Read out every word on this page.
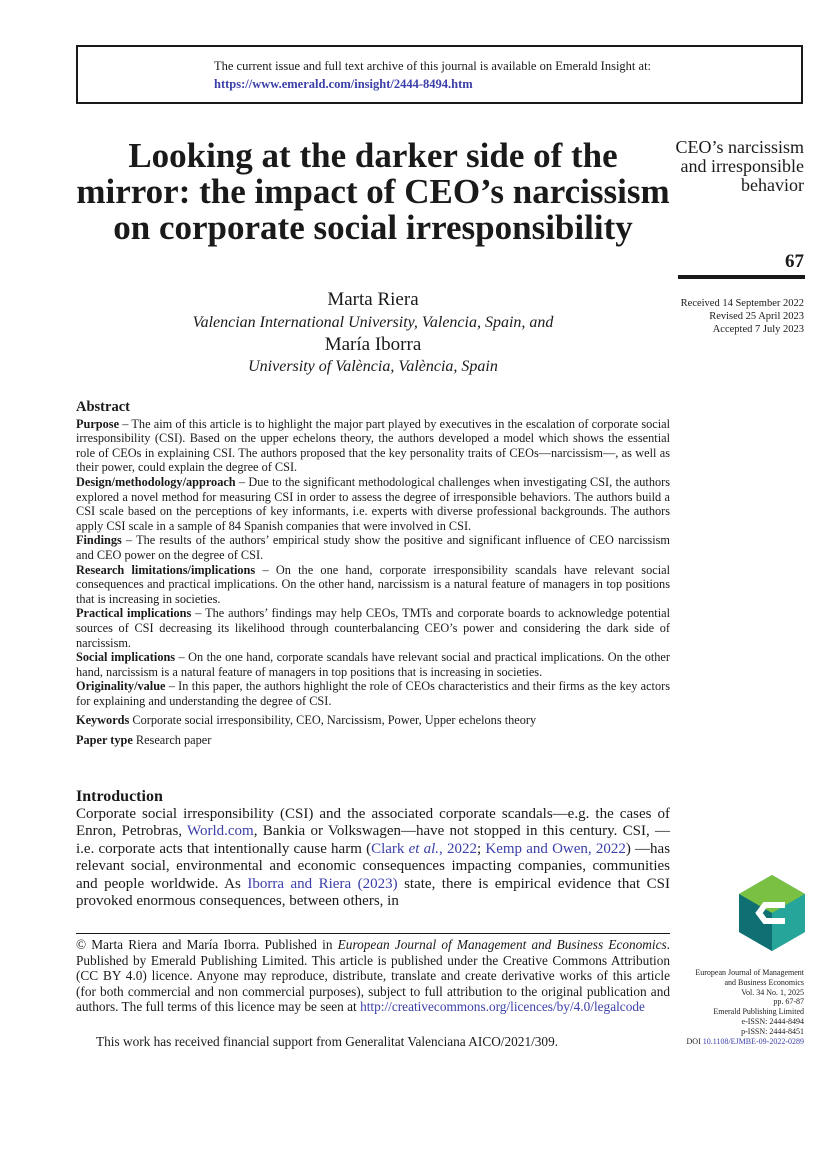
The current issue and full text archive of this journal is available on Emerald Insight at:
https://www.emerald.com/insight/2444-8494.htm
Looking at the darker side of the mirror: the impact of CEO’s narcissism on corporate social irresponsibility
Marta Riera
Valencian International University, Valencia, Spain, and
María Iborra
University of València, València, Spain
CEO’s narcissism and irresponsible behavior
67
Received 14 September 2022
Revised 25 April 2023
Accepted 7 July 2023
Abstract

Purpose – The aim of this article is to highlight the major part played by executives in the escalation of corporate social irresponsibility (CSI). Based on the upper echelons theory, the authors developed a model which shows the essential role of CEOs in explaining CSI. The authors proposed that the key personality traits of CEOs—narcissism—, as well as their power, could explain the degree of CSI.

Design/methodology/approach – Due to the significant methodological challenges when investigating CSI, the authors explored a novel method for measuring CSI in order to assess the degree of irresponsible behaviors. The authors build a CSI scale based on the perceptions of key informants, i.e. experts with diverse professional backgrounds. The authors apply CSI scale in a sample of 84 Spanish companies that were involved in CSI.

Findings – The results of the authors’ empirical study show the positive and significant influence of CEO narcissism and CEO power on the degree of CSI.

Research limitations/implications – On the one hand, corporate irresponsibility scandals have relevant social consequences and practical implications. On the other hand, narcissism is a natural feature of managers in top positions that is increasing in societies.

Practical implications – The authors’ findings may help CEOs, TMTs and corporate boards to acknowledge potential sources of CSI decreasing its likelihood through counterbalancing CEO’s power and considering the dark side of narcissism.

Social implications – On the one hand, corporate scandals have relevant social and practical implications. On the other hand, narcissism is a natural feature of managers in top positions that is increasing in societies.

Originality/value – In this paper, the authors highlight the role of CEOs characteristics and their firms as the key actors for explaining and understanding the degree of CSI.

Keywords Corporate social irresponsibility, CEO, Narcissism, Power, Upper echelons theory

Paper type Research paper

Introduction

Corporate social irresponsibility (CSI) and the associated corporate scandals—e.g. the cases of Enron, Petrobras, World.com, Bankia or Volkswagen—have not stopped in this century. CSI, —i.e. corporate acts that intentionally cause harm (Clark et al., 2022; Kemp and Owen, 2022) —has relevant social, environmental and economic consequences impacting companies, communities and people worldwide. As Iborra and Riera (2023) state, there is empirical evidence that CSI provoked enormous consequences, between others, in

© Marta Riera and María Iborra. Published in European Journal of Management and Business Economics. Published by Emerald Publishing Limited. This article is published under the Creative Commons Attribution (CC BY 4.0) licence. Anyone may reproduce, distribute, translate and create derivative works of this article (for both commercial and non commercial purposes), subject to full attribution to the original publication and authors. The full terms of this licence may be seen at http://creativecommons.org/licences/by/4.0/legalcode

This work has received financial support from Generalitat Valenciana AICO/2021/309.

European Journal of Management
and Business Economics
Vol. 34 No. 1, 2025
pp. 67-87
Emerald Publishing Limited
e-ISSN: 2444-8494
p-ISSN: 2444-8451
DOI 10.1108/EJMBE-09-2022-0289
